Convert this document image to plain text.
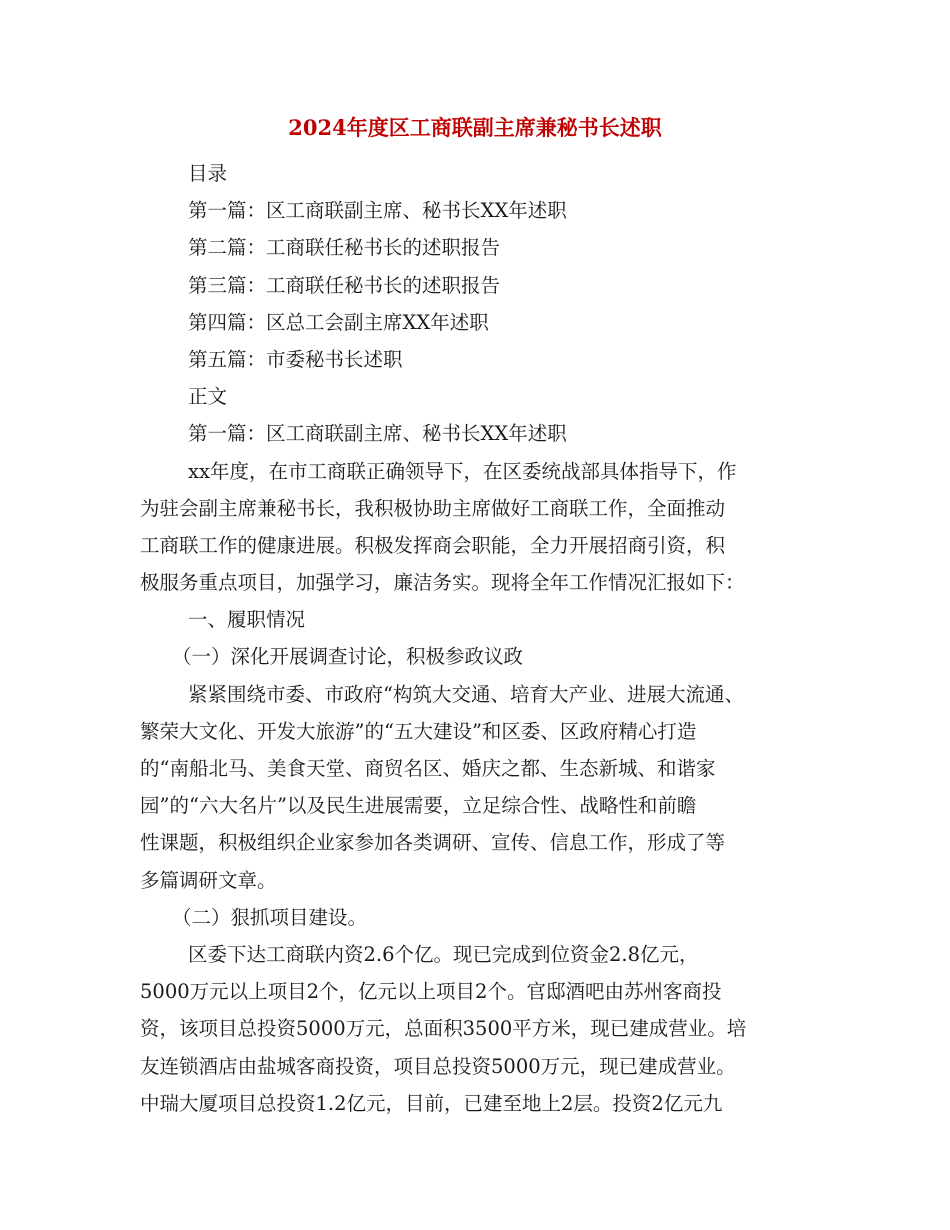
2024年度区工商联副主席兼秘书长述职
目录
第一篇：区工商联副主席、秘书长XX年述职
第二篇：工商联任秘书长的述职报告
第三篇：工商联任秘书长的述职报告
第四篇：区总工会副主席XX年述职
第五篇：市委秘书长述职
正文
第一篇：区工商联副主席、秘书长XX年述职
xx年度，在市工商联正确领导下，在区委统战部具体指导下，作
为驻会副主席兼秘书长，我积极协助主席做好工商联工作，全面推动
工商联工作的健康进展。积极发挥商会职能，全力开展招商引资，积
极服务重点项目，加强学习，廉洁务实。现将全年工作情况汇报如下：
一、履职情况
（一）深化开展调查讨论，积极参政议政
紧紧围绕市委、市政府“构筑大交通、培育大产业、进展大流通、
繁荣大文化、开发大旅游”的“五大建设”和区委、区政府精心打造
的“南船北马、美食天堂、商贸名区、婚庆之都、生态新城、和谐家
园”的“六大名片”以及民生进展需要，立足综合性、战略性和前瞻
性课题，积极组织企业家参加各类调研、宣传、信息工作，形成了等
多篇调研文章。
（二）狠抓项目建设。
区委下达工商联内资2.6个亿。现已完成到位资金2.8亿元，
5000万元以上项目2个，亿元以上项目2个。官邸酒吧由苏州客商投
资，该项目总投资5000万元，总面积3500平方米，现已建成营业。培
友连锁酒店由盐城客商投资，项目总投资5000万元，现已建成营业。
中瑞大厦项目总投资1.2亿元，目前，已建至地上2层。投资2亿元九
